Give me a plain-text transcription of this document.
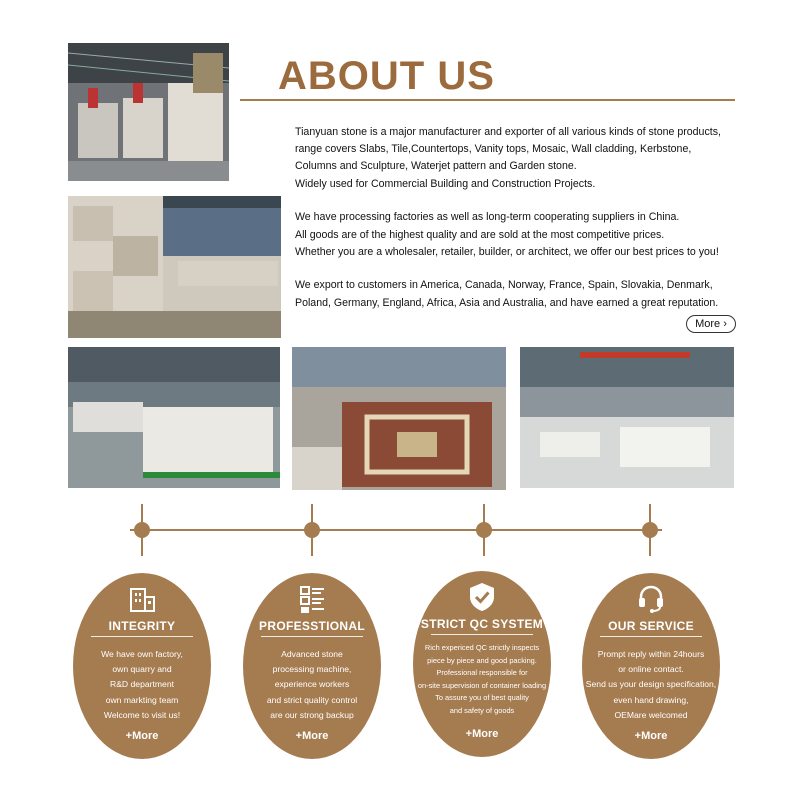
ABOUT US

Tianyuan stone is a major manufacturer and exporter of all various kinds of stone products, range covers Slabs, Tile,Countertops, Vanity tops, Mosaic, Wall cladding, Kerbstone, Columns and Sculpture, Waterjet pattern and Garden stone.
Widely used for Commercial Building and Construction Projects.

We have processing factories as well as long-term cooperating suppliers in China.
All goods are of the highest quality and are sold at the most competitive prices.
Whether you are a wholesaler, retailer, builder, or architect, we offer our best prices to you!

We export to customers in America, Canada, Norway, France, Spain, Slovakia, Denmark, Poland, Germany, England, Africa, Asia and Australia, and have earned a great reputation.

More ›
INTEGRITY
We have own factory,
own quarry and
R&D department
own markting team
Welcome to visit us!
+More
PROFESSTIONAL
Advanced stone
processing machine,
experience workers
and strict quality control
are our strong backup
+More
STRICT QC SYSTEM
Rich expericed QC strictly inspects
piece by piece and good packing.
Professional responsible for
on-site supervision of container loading
To assure you of best quality
and safety of goods
+More
OUR SERVICE
Prompt reply within 24hours
or online contact.
Send us your design specification,
even hand drawing,
OEMare welcomed
+More
